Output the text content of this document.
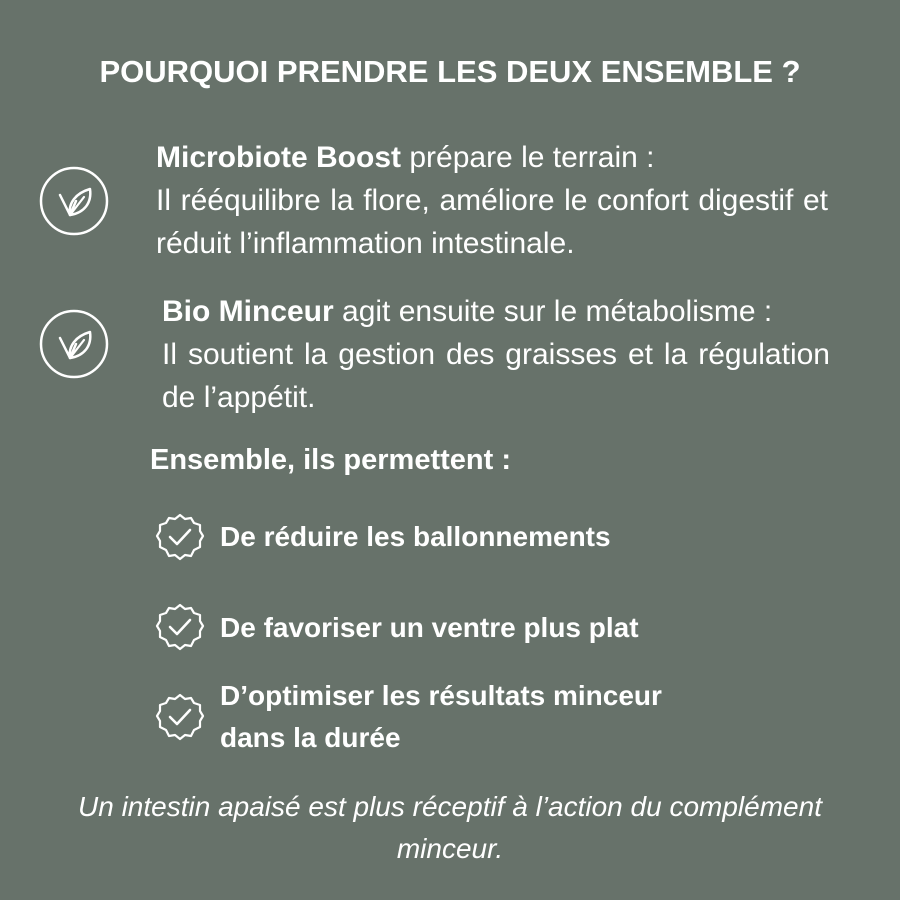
POURQUOI PRENDRE LES DEUX ENSEMBLE ?
Microbiote Boost prépare le terrain :
Il rééquilibre la flore, améliore le confort digestif et réduit l’inflammation intestinale.
Bio Minceur agit ensuite sur le métabolisme :
Il soutient la gestion des graisses et la régulation de l’appétit.
Ensemble, ils permettent :
De réduire les ballonnements
De favoriser un ventre plus plat
D’optimiser les résultats minceur
dans la durée
Un intestin apaisé est plus réceptif à l’action du complément minceur.
